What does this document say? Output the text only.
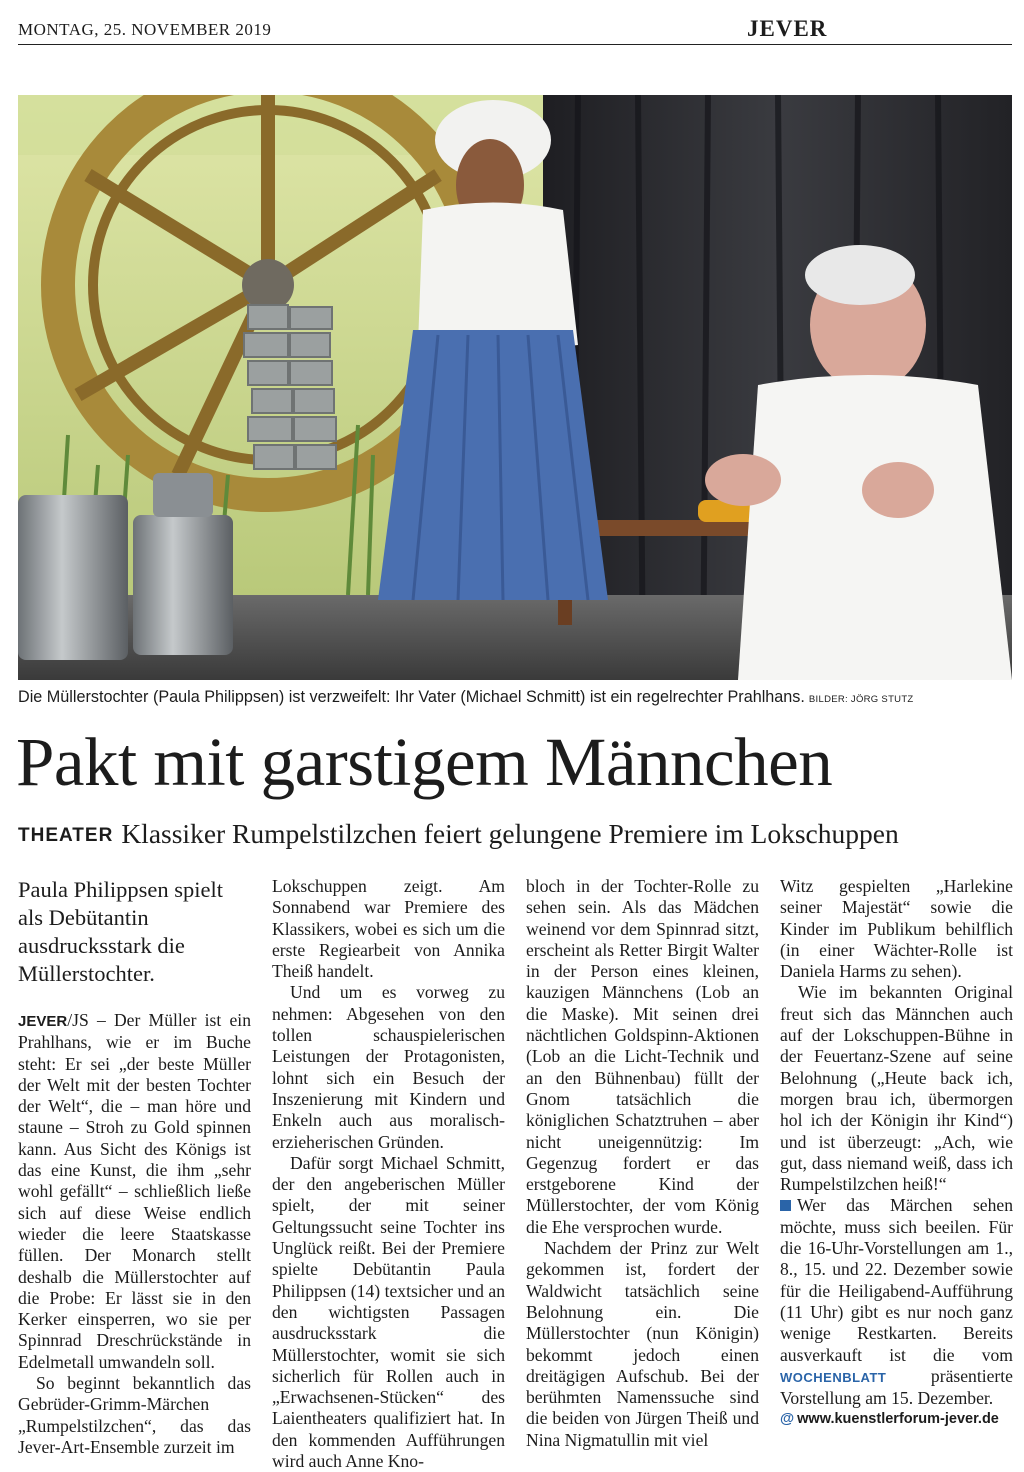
MONTAG, 25. NOVEMBER 2019	JEVER
Die Müllerstochter (Paula Philippsen) ist verzweifelt: Ihr Vater (Michael Schmitt) ist ein regelrechter Prahlhans. BILDER: JÖRG STUTZ
Pakt mit garstigem Männchen
THEATER Klassiker Rumpelstilzchen feiert gelungene Premiere im Lokschuppen

Paula Philippsen spielt als Debütantin ausdrucksstark die Müllerstochter.

JEVER/JS – Der Müller ist ein Prahlhans, wie er im Buche steht: Er sei „der beste Müller der Welt mit der besten Tochter der Welt“, die – man höre und staune – Stroh zu Gold spinnen kann. Aus Sicht des Königs ist das eine Kunst, die ihm „sehr wohl gefällt“ – schließlich ließe sich auf diese Weise endlich wieder die leere Staatskasse füllen. Der Monarch stellt deshalb die Müllerstochter auf die Probe: Er lässt sie in den Kerker einsperren, wo sie per Spinnrad Dreschrückstände in Edelmetall umwandeln soll.

So beginnt bekanntlich das Gebrüder-Grimm-Märchen „Rumpelstilzchen“, das das Jever-Art-Ensemble zurzeit im

Lokschuppen zeigt. Am Sonnabend war Premiere des Klassikers, wobei es sich um die erste Regiearbeit von Annika Theiß handelt.

Und um es vorweg zu nehmen: Abgesehen von den tollen schauspielerischen Leistungen der Protagonisten, lohnt sich ein Besuch der Inszenierung mit Kindern und Enkeln auch aus moralisch-erzieherischen Gründen.

Dafür sorgt Michael Schmitt, der den angeberischen Müller spielt, der mit seiner Geltungssucht seine Tochter ins Unglück reißt. Bei der Premiere spielte Debütantin Paula Philippsen (14) textsicher und an den wichtigsten Passagen ausdrucksstark die Müllerstochter, womit sie sich sicherlich für Rollen auch in „Erwachsenen-Stücken“ des Laientheaters qualifiziert hat. In den kommenden Aufführungen wird auch Anne Kno-

bloch in der Tochter-Rolle zu sehen sein. Als das Mädchen weinend vor dem Spinnrad sitzt, erscheint als Retter Birgit Walter in der Person eines kleinen, kauzigen Männchens (Lob an die Maske). Mit seinen drei nächtlichen Goldspinn-Aktionen (Lob an die Licht-Technik und an den Bühnenbau) füllt der Gnom tatsächlich die königlichen Schatztruhen – aber nicht uneigennützig: Im Gegenzug fordert er das erstgeborene Kind der Müllerstochter, der vom König die Ehe versprochen wurde.

Nachdem der Prinz zur Welt gekommen ist, fordert der Waldwicht tatsächlich seine Belohnung ein. Die Müllerstochter (nun Königin) bekommt jedoch einen dreitägigen Aufschub. Bei der berühmten Namenssuche sind die beiden von Jürgen Theiß und Nina Nigmatullin mit viel

Witz gespielten „Harlekine seiner Majestät“ sowie die Kinder im Publikum behilflich (in einer Wächter-Rolle ist Daniela Harms zu sehen).

Wie im bekannten Original freut sich das Männchen auch auf der Lokschuppen-Bühne in der Feuertanz-Szene auf seine Belohnung („Heute back ich, morgen brau ich, übermorgen hol ich der Königin ihr Kind“) und ist überzeugt: „Ach, wie gut, dass niemand weiß, dass ich Rumpelstilzchen heiß!“

Wer das Märchen sehen möchte, muss sich beeilen. Für die 16-Uhr-Vorstellungen am 1., 8., 15. und 22. Dezember sowie für die Heiligabend-Aufführung (11 Uhr) gibt es nur noch ganz wenige Restkarten. Bereits ausverkauft ist die vom WOCHENBLATT präsentierte Vorstellung am 15. Dezember.

@ www.kuenstlerforum-jever.de
